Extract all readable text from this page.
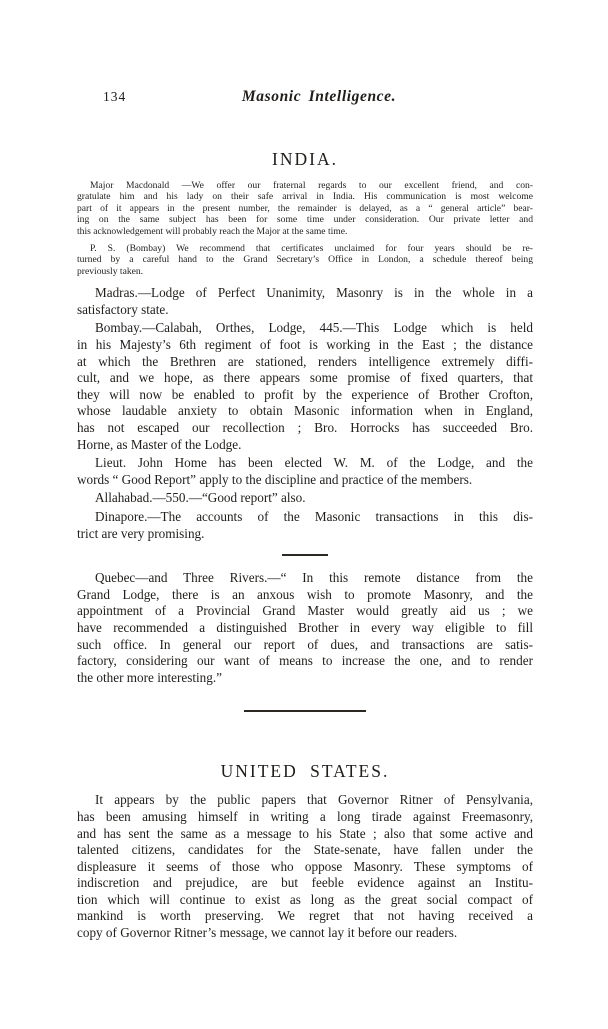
134	Masonic Intelligence.
INDIA.

Major Macdonald —We offer our fraternal regards to our excellent friend, and con-
gratulate him and his lady on their safe arrival in India. His communication is most welcome
part of it appears in the present number, the remainder is delayed, as a “ general article” bear-
ing on the same subject has been for some time under consideration. Our private letter and
this acknowledgement will probably reach the Major at the same time.

P. S. (Bombay) We recommend that certificates unclaimed for four years should be re-
turned by a careful hand to the Grand Secretary’s Office in London, a schedule thereof being
previously taken.

Madras.—Lodge of Perfect Unanimity, Masonry is in the whole in a
satisfactory state.

Bombay.—Calabah, Orthes, Lodge, 445.—This Lodge which is held
in his Majesty’s 6th regiment of foot is working in the East ; the distance
at which the Brethren are stationed, renders intelligence extremely diffi-
cult, and we hope, as there appears some promise of fixed quarters, that
they will now be enabled to profit by the experience of Brother Crofton,
whose laudable anxiety to obtain Masonic information when in England,
has not escaped our recollection ; Bro. Horrocks has succeeded Bro.
Horne, as Master of the Lodge.

Lieut. John Home has been elected W. M. of the Lodge, and the
words “ Good Report” apply to the discipline and practice of the members.

Allahabad.—550.—“Good report” also.

Dinapore.—The accounts of the Masonic transactions in this dis-
trict are very promising.

Quebec—and Three Rivers.—“ In this remote distance from the
Grand Lodge, there is an anxous wish to promote Masonry, and the
appointment of a Provincial Grand Master would greatly aid us ; we
have recommended a distinguished Brother in every way eligible to fill
such office. In general our report of dues, and transactions are satis-
factory, considering our want of means to increase the one, and to render
the other more interesting.”

UNITED STATES.

It appears by the public papers that Governor Ritner of Pensylvania,
has been amusing himself in writing a long tirade against Freemasonry,
and has sent the same as a message to his State ; also that some active and
talented citizens, candidates for the State-senate, have fallen under the
displeasure it seems of those who oppose Masonry. These symptoms of
indiscretion and prejudice, are but feeble evidence against an Institu-
tion which will continue to exist as long as the great social compact of
mankind is worth preserving. We regret that not having received a
copy of Governor Ritner’s message, we cannot lay it before our readers.
